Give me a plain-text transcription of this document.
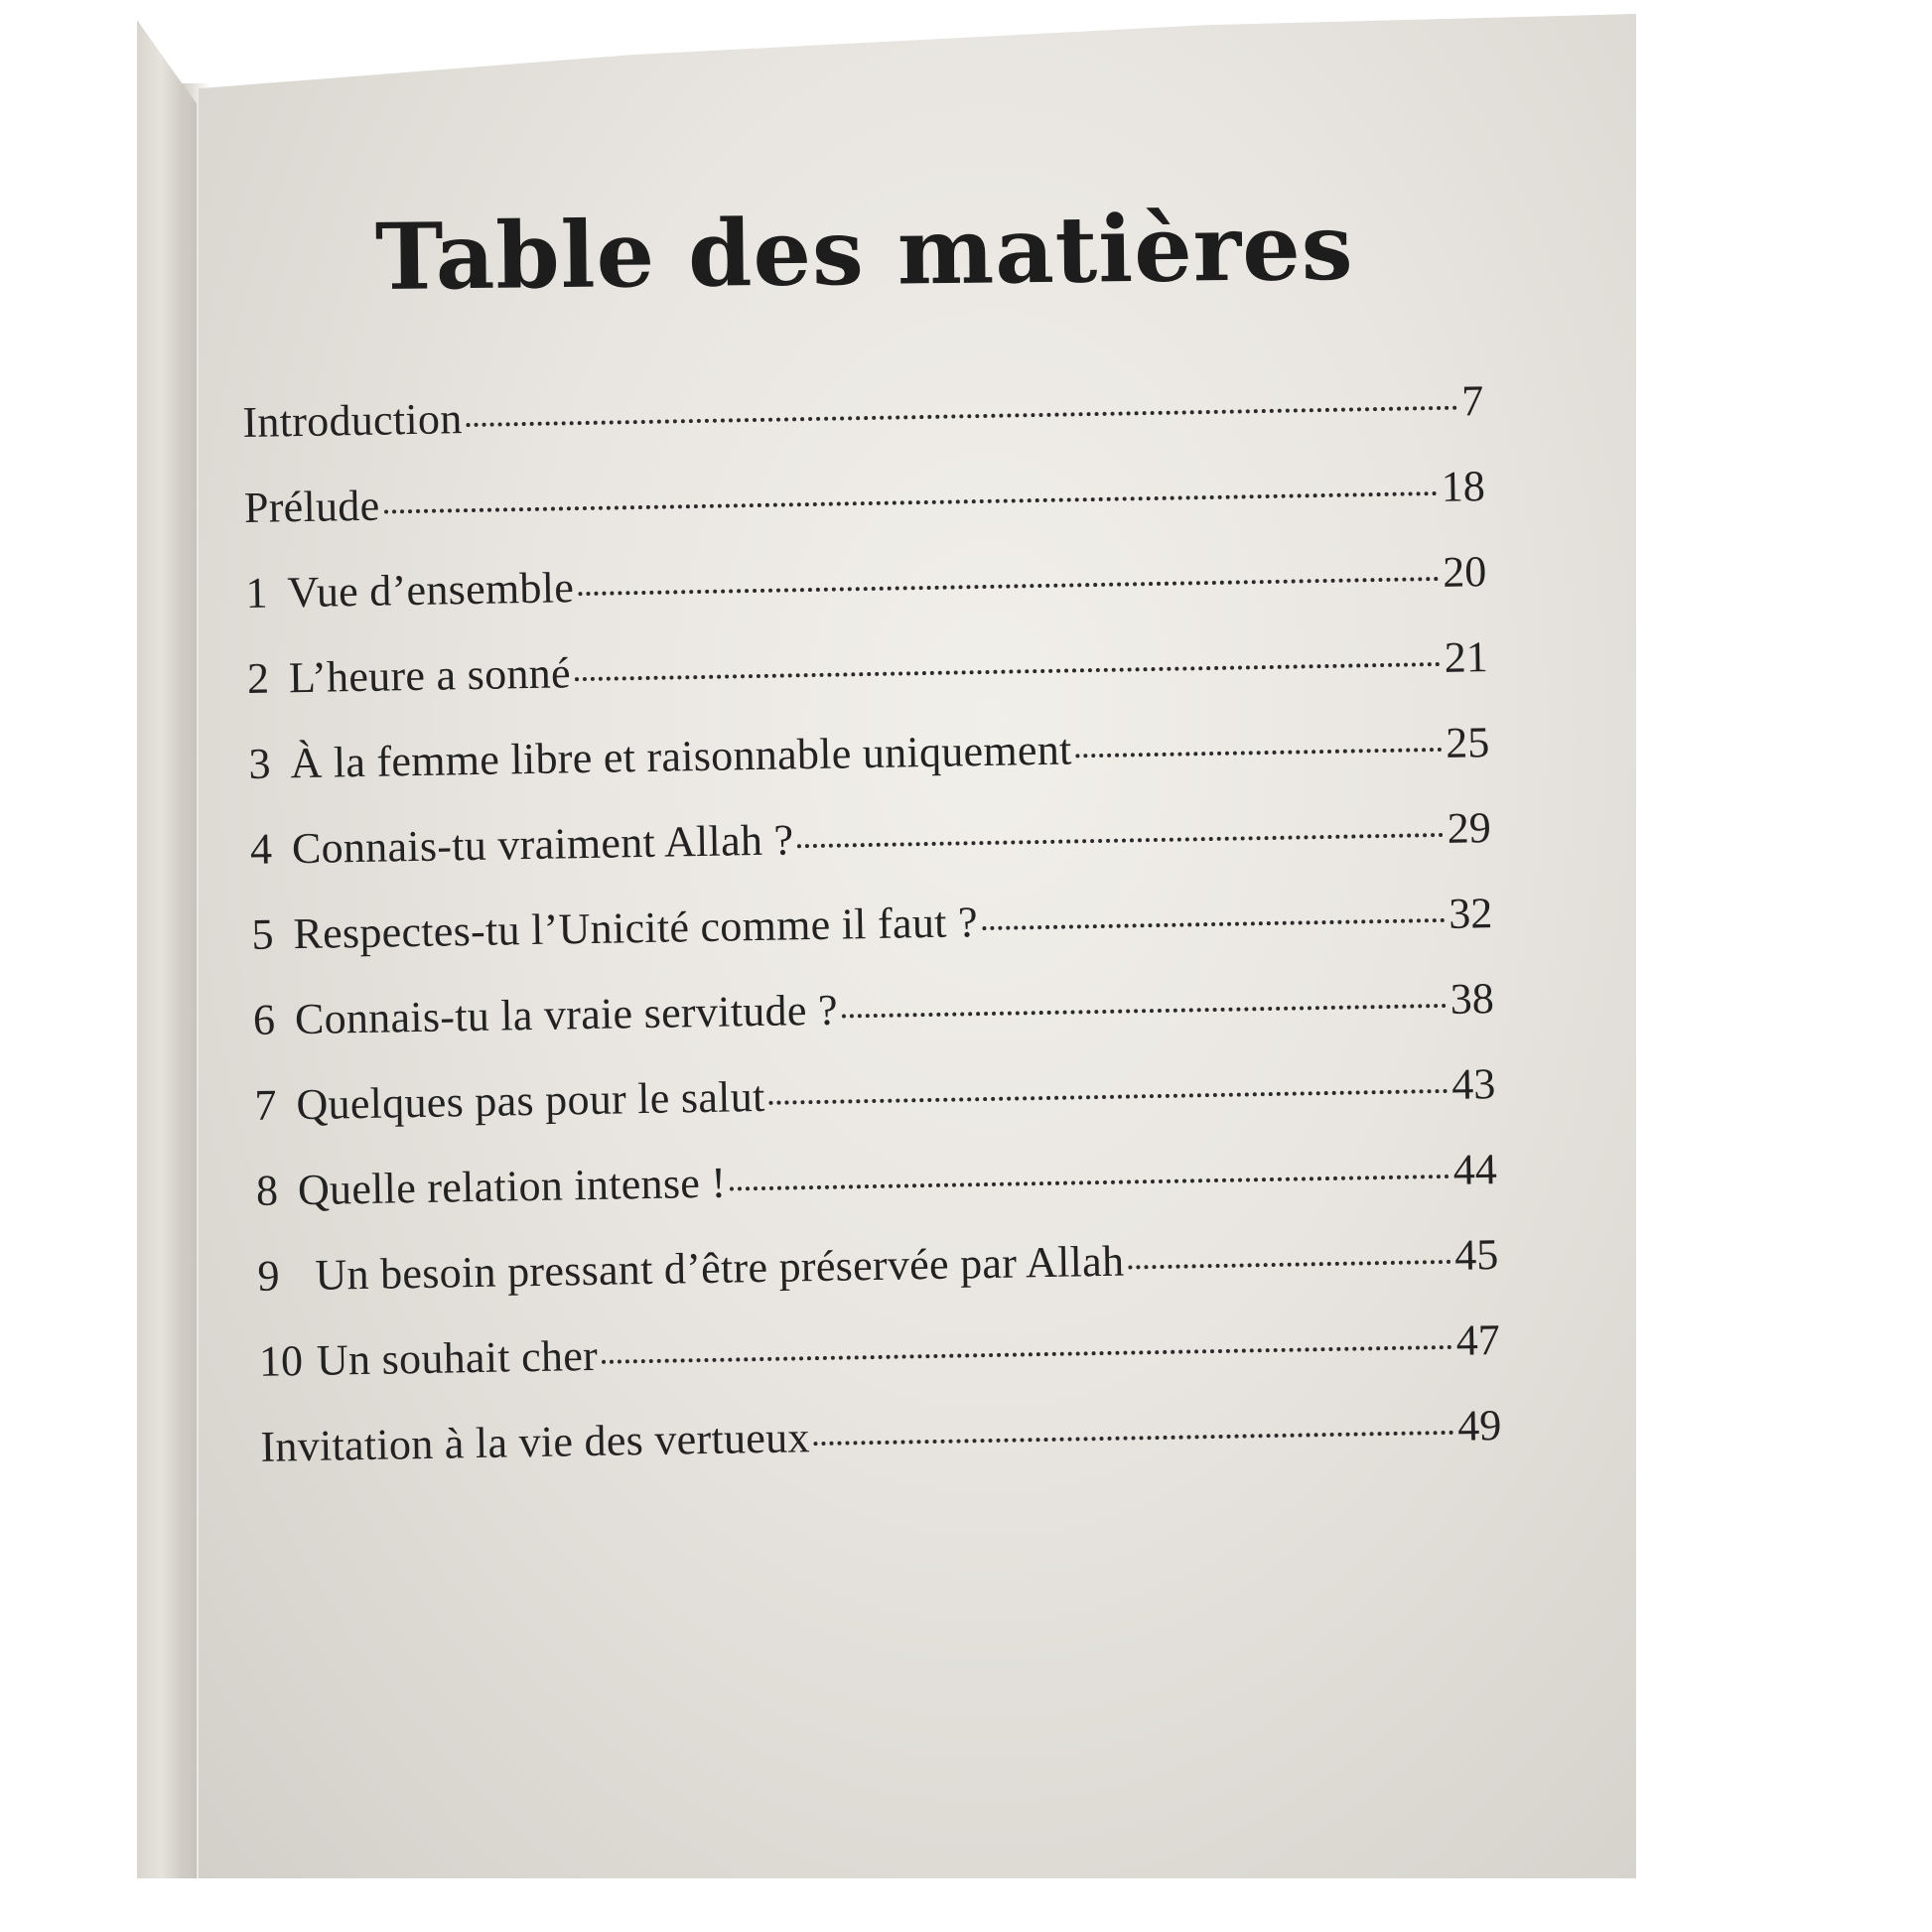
Table des matières
Introduction	7
Prélude	18
1 Vue d’ensemble	20
2 L’heure a sonné	21
3 À la femme libre et raisonnable uniquement	25
4 Connais-tu vraiment Allah ?	29
5 Respectes-tu l’Unicité comme il faut ?	32
6 Connais-tu la vraie servitude ?	38
7 Quelques pas pour le salut	43
8 Quelle relation intense !	44
9 Un besoin pressant d’être préservée par Allah	45
10 Un souhait cher	47
Invitation à la vie des vertueux	49
